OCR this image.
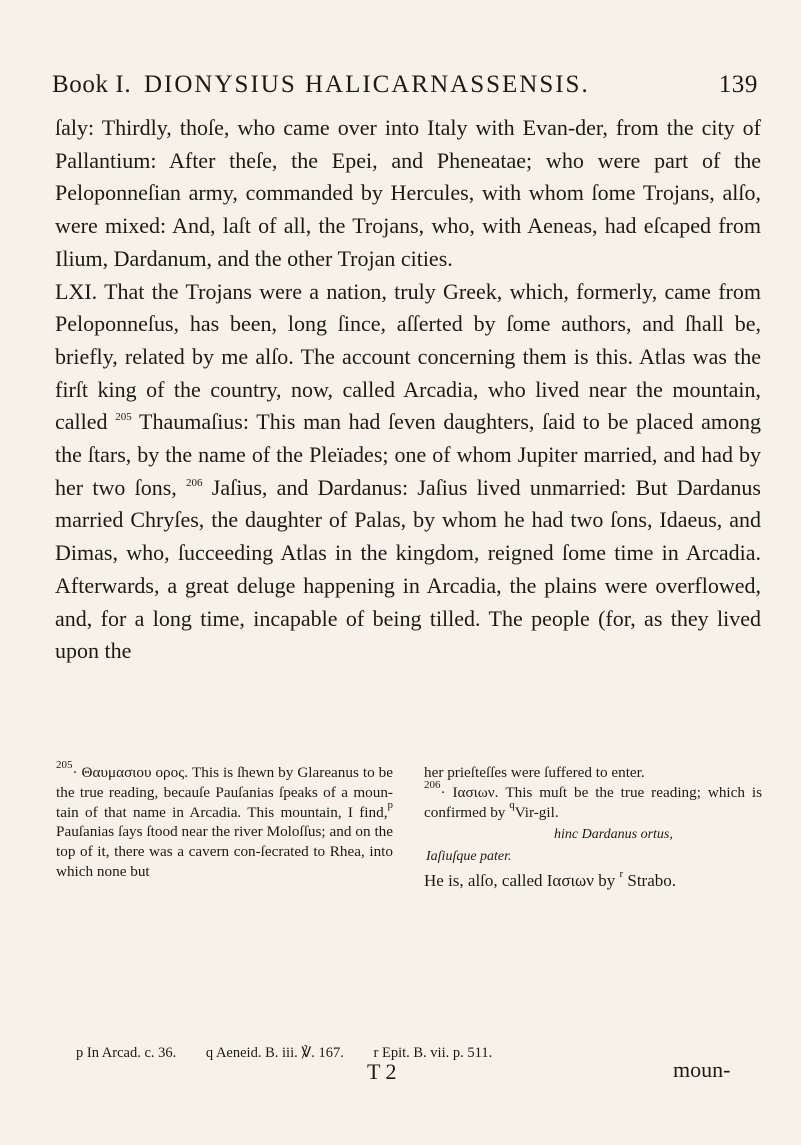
Book I. DIONYSIUS HALICARNASSENSIS.	139

ſaly: Thirdly, thoſe, who came over into Italy with Evan-der, from the city of Pallantium: After theſe, the Epei, and Pheneatae; who were part of the Peloponneſian army, commanded by Hercules, with whom ſome Trojans, alſo, were mixed: And, laſt of all, the Trojans, who, with Aeneas, had eſcaped from Ilium, Dardanum, and the other Trojan cities.

LXI. That the Trojans were a nation, truly Greek, which, formerly, came from Peloponneſus, has been, long ſince, aſſerted by ſome authors, and ſhall be, briefly, related by me alſo. The account concerning them is this. Atlas was the firſt king of the country, now, called Arcadia, who lived near the mountain, called $^{205}$ Thaumaſius: This man had ſeven daughters, ſaid to be placed among the ſtars, by the name of the Pleïades; one of whom Jupiter married, and had by her two ſons, $^{206}$ Jaſius, and Dardanus: Jaſius lived unmarried: But Dardanus married Chryſes, the daughter of Palas, by whom he had two ſons, Idaeus, and Dimas, who, ſucceeding Atlas in the kingdom, reigned ſome time in Arcadia. Afterwards, a great deluge happening in Arcadia, the plains were overflowed, and, for a long time, incapable of being tilled. The people (for, as they lived upon the

$^{205}$· Θαυμασιου ορος. This is ſhewn by Glareanus to be the true reading, becauſe Pauſanias ſpeaks of a moun-tain of that name in Arcadia. This mountain, I find,$^p$ Pauſanias ſays ſtood near the river Moloſſus; and on the top of it, there was a cavern con-ſecrated to Rhea, into which none but

her prieſteſſes were ſuffered to enter.

$^{206}$· Ιασιων. This muſt be the true reading; which is confirmed by $^q$Vir-gil.

hinc Dardanus ortus,
Iaſiuſque pater.

He is, alſo, called Ιασιων by $^r$ Strabo.

p In Arcad. c. 36. q Aeneid. B. iii. ℣. 167. r Epit. B. vii. p. 511.
T 2	moun-
